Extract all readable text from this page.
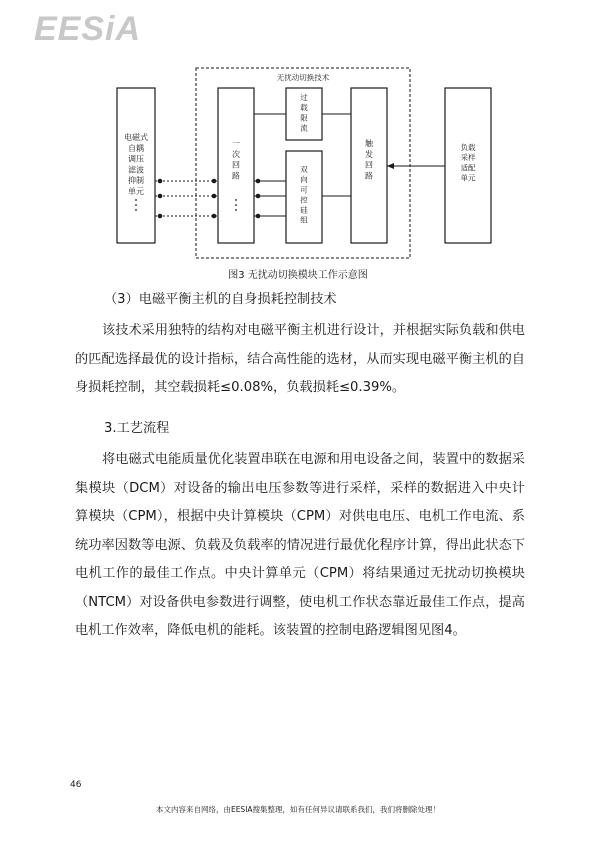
EESiA
电磁式自耦调压滤波抑制单元
无扰动切换技术
一次回路
过载限流
双向可控硅组
触发回路
负载采样适配单元
图3 无扰动切换模块工作示意图

（3）电磁平衡主机的自身损耗控制技术

该技术采用独特的结构对电磁平衡主机进行设计，并根据实际负载和供电的匹配选择最优的设计指标，结合高性能的选材，从而实现电磁平衡主机的自身损耗控制，其空载损耗≤0.08%，负载损耗≤0.39%。

3.工艺流程

将电磁式电能质量优化装置串联在电源和用电设备之间，装置中的数据采集模块（DCM）对设备的输出电压参数等进行采样，采样的数据进入中央计算模块（CPM），根据中央计算模块（CPM）对供电电压、电机工作电流、系统功率因数等电源、负载及负载率的情况进行最优化程序计算，得出此状态下电机工作的最佳工作点。中央计算单元（CPM）将结果通过无扰动切换模块（NTCM）对设备供电参数进行调整，使电机工作状态靠近最佳工作点，提高电机工作效率，降低电机的能耗。该装置的控制电路逻辑图见图4。

46
本文内容来自网络，由EESIA搜集整理，如有任何异议请联系我们，我们将删除处理！
